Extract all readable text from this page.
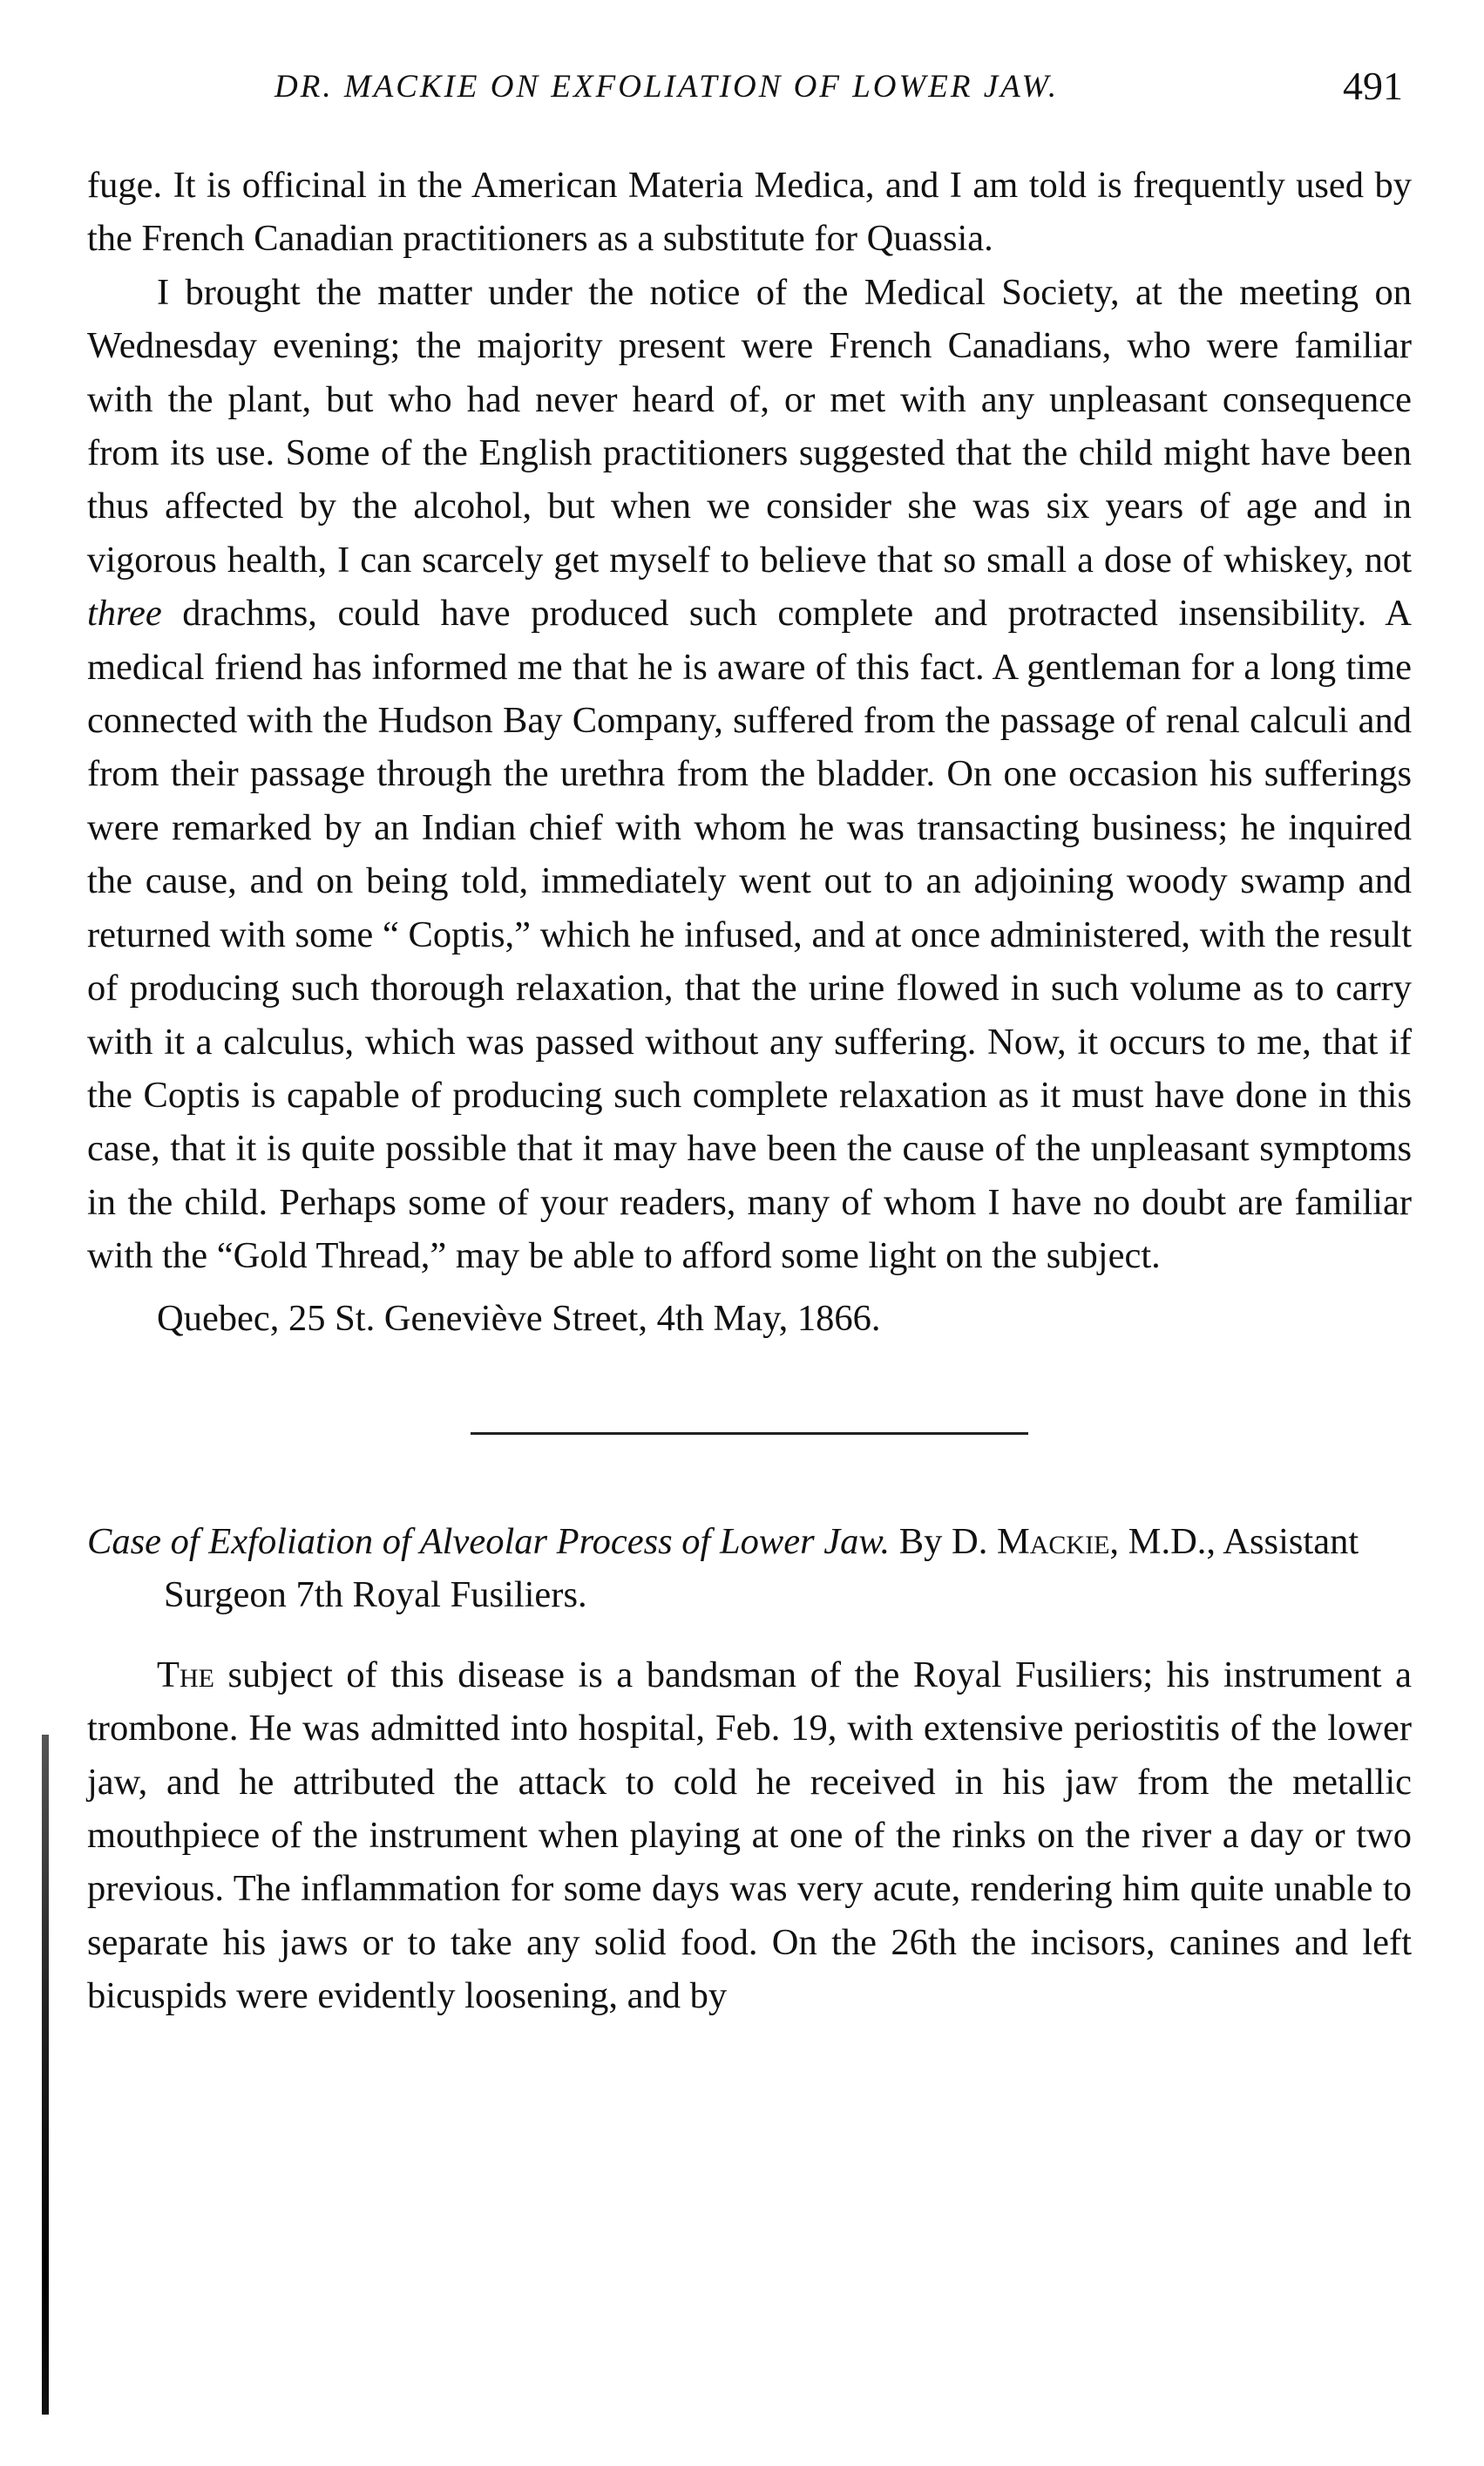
DR. MACKIE ON EXFOLIATION OF LOWER JAW.	491

fuge. It is officinal in the American Materia Medica, and I am told is frequently used by the French Canadian practitioners as a substitute for Quassia.

I brought the matter under the notice of the Medical Society, at the meeting on Wednesday evening; the majority present were French Canadians, who were familiar with the plant, but who had never heard of, or met with any unpleasant consequence from its use. Some of the English practitioners suggested that the child might have been thus affected by the alcohol, but when we consider she was six years of age and in vigorous health, I can scarcely get myself to believe that so small a dose of whiskey, not three drachms, could have produced such complete and protracted insensibility. A medical friend has informed me that he is aware of this fact. A gentleman for a long time connected with the Hudson Bay Company, suffered from the passage of renal calculi and from their passage through the urethra from the bladder. On one occasion his sufferings were remarked by an Indian chief with whom he was transacting business; he inquired the cause, and on being told, immediately went out to an adjoining woody swamp and returned with some “ Coptis,” which he infused, and at once administered, with the result of producing such thorough relaxation, that the urine flowed in such volume as to carry with it a calculus, which was passed without any suffering. Now, it occurs to me, that if the Coptis is capable of producing such complete relaxation as it must have done in this case, that it is quite possible that it may have been the cause of the unpleasant symptoms in the child. Perhaps some of your readers, many of whom I have no doubt are familiar with the “Gold Thread,” may be able to afford some light on the subject.

Quebec, 25 St. Geneviève Street, 4th May, 1866.

Case of Exfoliation of Alveolar Process of Lower Jaw. By D. Mackie, M.D., Assistant Surgeon 7th Royal Fusiliers.

The subject of this disease is a bandsman of the Royal Fusiliers; his instrument a trombone. He was admitted into hospital, Feb. 19, with extensive periostitis of the lower jaw, and he attributed the attack to cold he received in his jaw from the metallic mouthpiece of the instrument when playing at one of the rinks on the river a day or two previous. The inflammation for some days was very acute, rendering him quite unable to separate his jaws or to take any solid food. On the 26th the incisors, canines and left bicuspids were evidently loosening, and by
